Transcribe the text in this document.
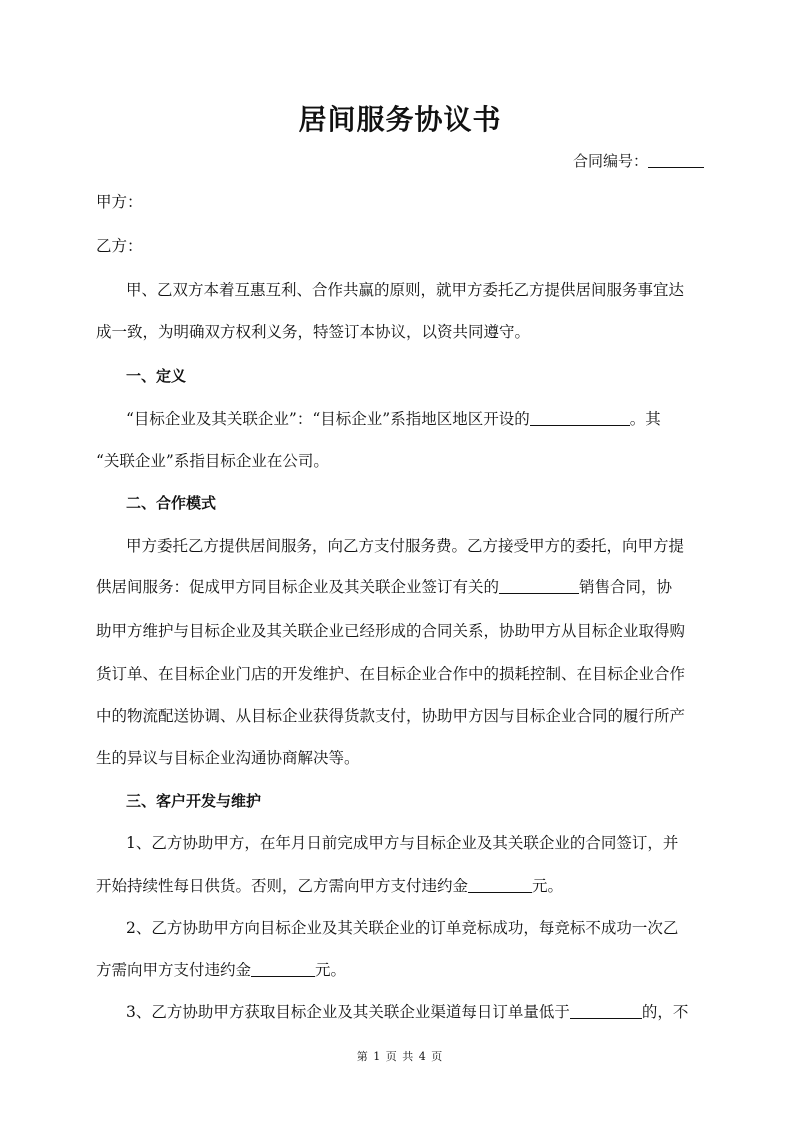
居间服务协议书
合同编号：
甲方：
乙方：
甲、乙双方本着互惠互利、合作共赢的原则，就甲方委托乙方提供居间服务事宜达
成一致，为明确双方权利义务，特签订本协议，以资共同遵守。
一、定义
“目标企业及其关联企业”：“目标企业”系指地区地区开设的	。其
“关联企业”系指目标企业在公司。
二、合作模式
甲方委托乙方提供居间服务，向乙方支付服务费。乙方接受甲方的委托，向甲方提
供居间服务：促成甲方同目标企业及其关联企业签订有关的	销售合同，协
助甲方维护与目标企业及其关联企业已经形成的合同关系，协助甲方从目标企业取得购
货订单、在目标企业门店的开发维护、在目标企业合作中的损耗控制、在目标企业合作
中的物流配送协调、从目标企业获得货款支付，协助甲方因与目标企业合同的履行所产
生的异议与目标企业沟通协商解决等。
三、客户开发与维护
1、乙方协助甲方，在年月日前完成甲方与目标企业及其关联企业的合同签订，并
开始持续性每日供货。否则，乙方需向甲方支付违约金	元。
2、乙方协助甲方向目标企业及其关联企业的订单竞标成功，每竞标不成功一次乙
方需向甲方支付违约金	元。
3、乙方协助甲方获取目标企业及其关联企业渠道每日订单量低于	的，不
第 1 页 共 4 页
